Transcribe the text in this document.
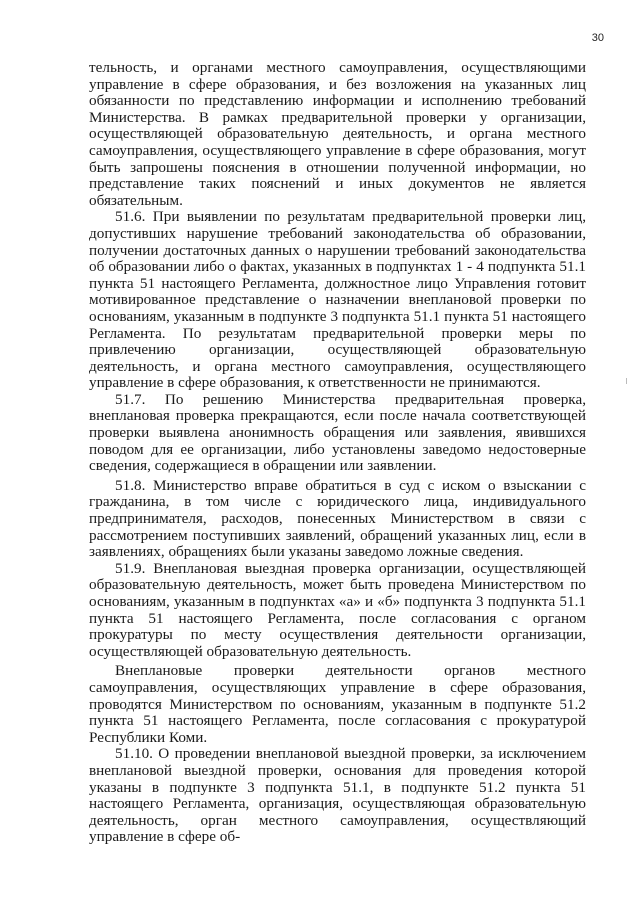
30

тельность, и органами местного самоуправления, осуществляющими управление в сфере образования, и без возложения на указанных лиц обязанности по представлению информации и исполнению требований Министерства. В рамках предварительной проверки у организации, осуществляющей образовательную деятельность, и органа местного самоуправления, осуществляющего управление в сфере образования, могут быть запрошены пояснения в отношении полученной информации, но представление таких пояснений и иных документов не является обязательным.

51.6. При выявлении по результатам предварительной проверки лиц, допустивших нарушение требований законодательства об образовании, получении достаточных данных о нарушении требований законодательства об образовании либо о фактах, указанных в подпунктах 1 - 4 подпункта 51.1 пункта 51 настоящего Регламента, должностное лицо Управления готовит мотивированное представление о назначении внеплановой проверки по основаниям, указанным в подпункте 3 подпункта 51.1 пункта 51 настоящего Регламента. По результатам предварительной проверки меры по привлечению организации, осуществляющей образовательную деятельность, и органа местного самоуправления, осуществляющего управление в сфере образования, к ответственности не принимаются.

51.7. По решению Министерства предварительная проверка, внеплановая проверка прекращаются, если после начала соответствующей проверки выявлена анонимность обращения или заявления, явившихся поводом для ее организации, либо установлены заведомо недостоверные сведения, содержащиеся в обращении или заявлении.

51.8. Министерство вправе обратиться в суд с иском о взыскании с гражданина, в том числе с юридического лица, индивидуального предпринимателя, расходов, понесенных Министерством в связи с рассмотрением поступивших заявлений, обращений указанных лиц, если в заявлениях, обращениях были указаны заведомо ложные сведения.

51.9. Внеплановая выездная проверка организации, осуществляющей образовательную деятельность, может быть проведена Министерством по основаниям, указанным в подпунктах «а» и «б» подпункта 3 подпункта 51.1 пункта 51 настоящего Регламента, после согласования с органом прокуратуры по месту осуществления деятельности организации, осуществляющей образовательную деятельность.

Внеплановые проверки деятельности органов местного самоуправления, осуществляющих управление в сфере образования, проводятся Министерством по основаниям, указанным в подпункте 51.2 пункта 51 настоящего Регламента, после согласования с прокуратурой Республики Коми.

51.10. О проведении внеплановой выездной проверки, за исключением внеплановой выездной проверки, основания для проведения которой указаны в подпункте 3 подпункта 51.1, в подпункте 51.2 пункта 51 настоящего Регламента, организация, осуществляющая образовательную деятельность, орган местного самоуправления, осуществляющий управление в сфере об-
